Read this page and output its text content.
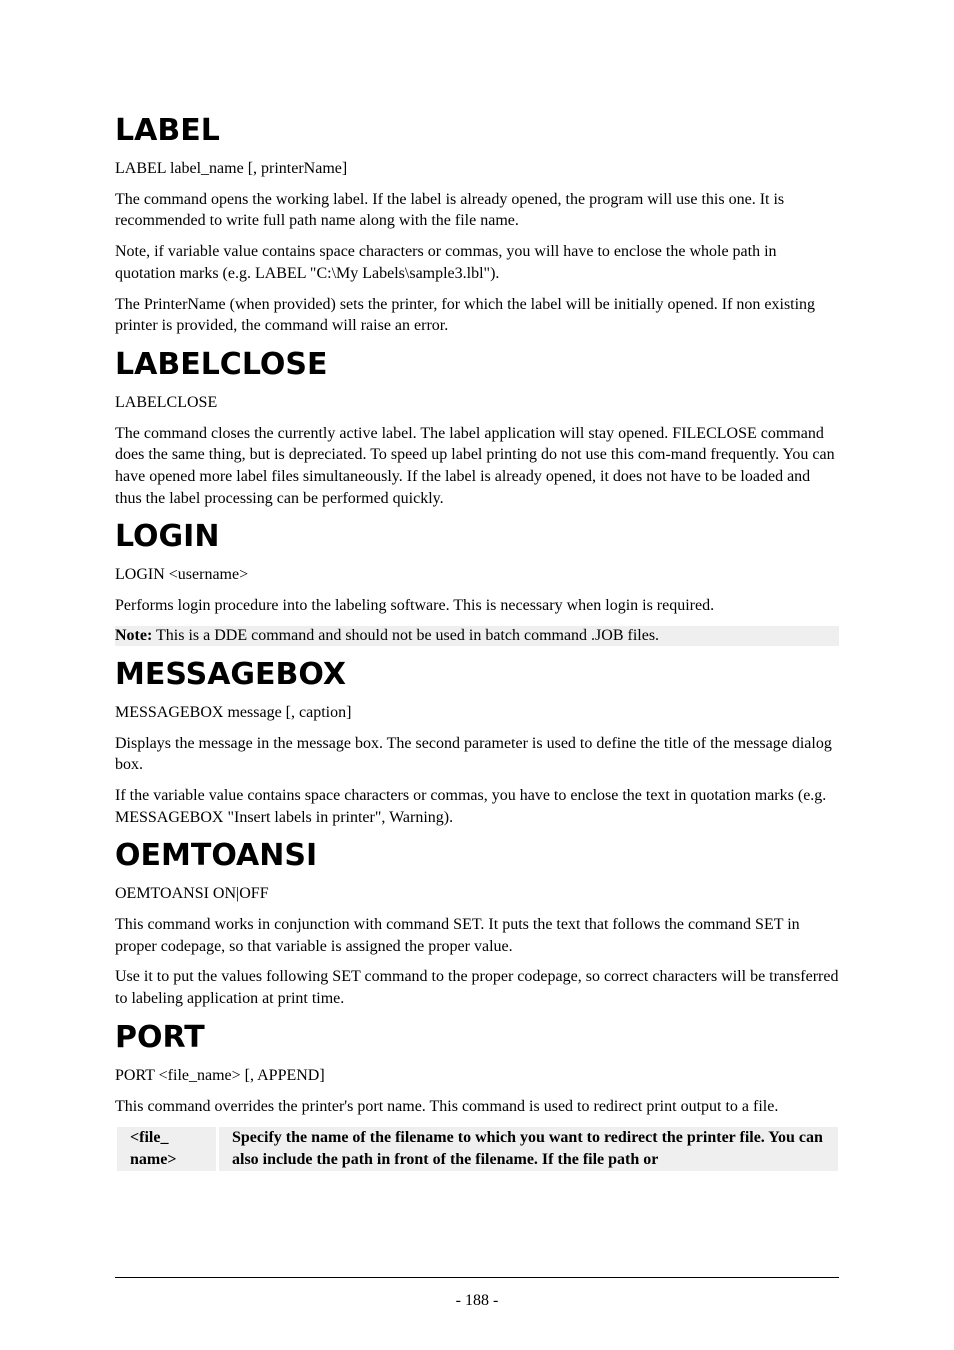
LABEL

LABEL label_name [, printerName]

The command opens the working label. If the label is already opened, the program will use this one. It is recommended to write full path name along with the file name.

Note, if variable value contains space characters or commas, you will have to enclose the whole path in quotation marks (e.g. LABEL "C:\My Labels\sample3.lbl").

The PrinterName (when provided) sets the printer, for which the label will be initially opened. If non existing printer is provided, the command will raise an error.

LABELCLOSE

LABELCLOSE

The command closes the currently active label. The label application will stay opened. FILECLOSE command does the same thing, but is depreciated. To speed up label printing do not use this com-mand frequently. You can have opened more label files simultaneously. If the label is already opened, it does not have to be loaded and thus the label processing can be performed quickly.

LOGIN

LOGIN <username>

Performs login procedure into the labeling software. This is necessary when login is required.

Note: This is a DDE command and should not be used in batch command .JOB files.
MESSAGEBOX

MESSAGEBOX message [, caption]

Displays the message in the message box. The second parameter is used to define the title of the message dialog box.

If the variable value contains space characters or commas, you have to enclose the text in quotation marks (e.g. MESSAGEBOX "Insert labels in printer", Warning).

OEMTOANSI

OEMTOANSI ON|OFF

This command works in conjunction with command SET. It puts the text that follows the command SET in proper codepage, so that variable is assigned the proper value.

Use it to put the values following SET command to the proper codepage, so correct characters will be transferred to labeling application at print time.

PORT

PORT <file_name> [, APPEND]

This command overrides the printer's port name. This command is used to redirect print output to a file.

<file_
name>	Specify the name of the filename to which you want to redirect the printer file. You can also include the path in front of the filename. If the file path or
- 188 -
